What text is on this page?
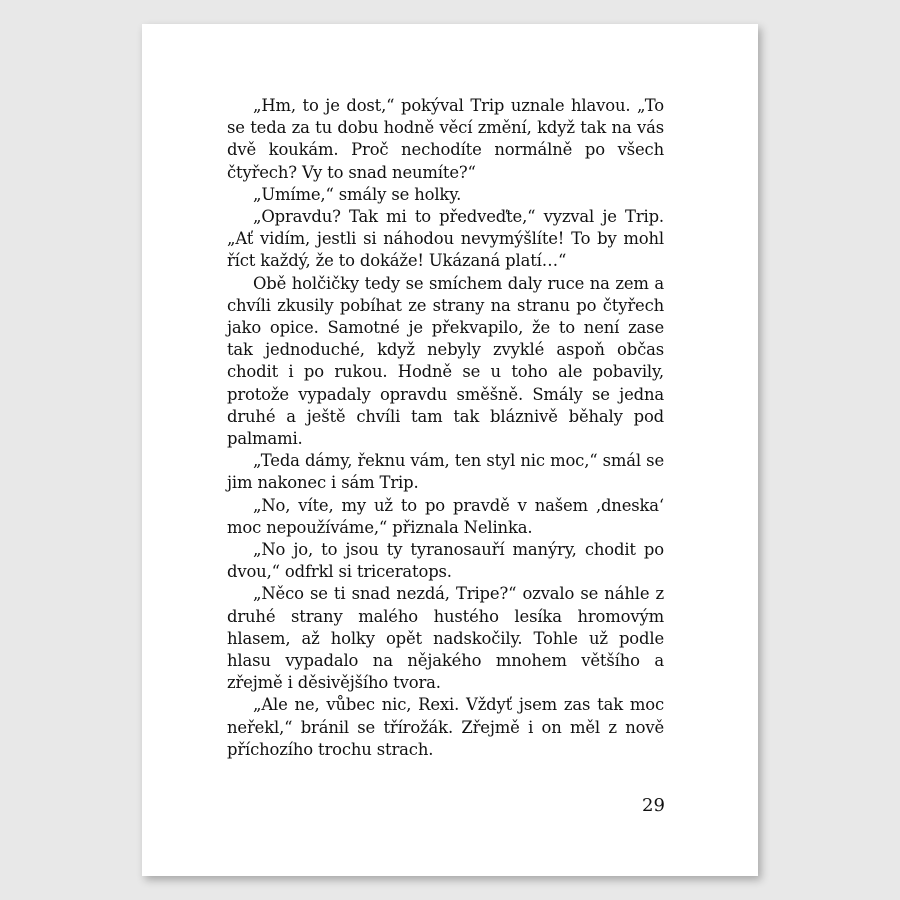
„Hm, to je dost,“ pokýval Trip uznale hlavou. „To se teda za tu dobu hodně věcí změní, když tak na vás dvě koukám. Proč nechodíte normálně po všech čtyřech? Vy to snad neumíte?“

„Umíme,“ smály se holky.

„Opravdu? Tak mi to předveďte,“ vyzval je Trip. „Ať vidím, jestli si náhodou nevymýšlíte! To by mohl říct každý, že to dokáže! Ukázaná platí…“

Obě holčičky tedy se smíchem daly ruce na zem a chvíli zkusily pobíhat ze strany na stranu po čtyřech jako opice. Samotné je překvapilo, že to není zase tak jednoduché, když nebyly zvyklé aspoň občas chodit i po rukou. Hodně se u toho ale pobavily, protože vypadaly opravdu směšně. Smály se jedna druhé a ještě chvíli tam tak bláznivě běhaly pod palmami.

„Teda dámy, řeknu vám, ten styl nic moc,“ smál se jim nakonec i sám Trip.

„No, víte, my už to po pravdě v našem ‚dneska‘ moc nepoužíváme,“ přiznala Nelinka.

„No jo, to jsou ty tyranosauří manýry, chodit po dvou,“ odfrkl si triceratops.

„Něco se ti snad nezdá, Tripe?“ ozvalo se náhle z druhé strany malého hustého lesíka hromovým hlasem, až holky opět nadskočily. Tohle už podle hlasu vypadalo na nějakého mnohem většího a zřejmě i děsivějšího tvora.

„Ale ne, vůbec nic, Rexi. Vždyť jsem zas tak moc neřekl,“ bránil se třírožák. Zřejmě i on měl z nově příchozího trochu strach.

29
